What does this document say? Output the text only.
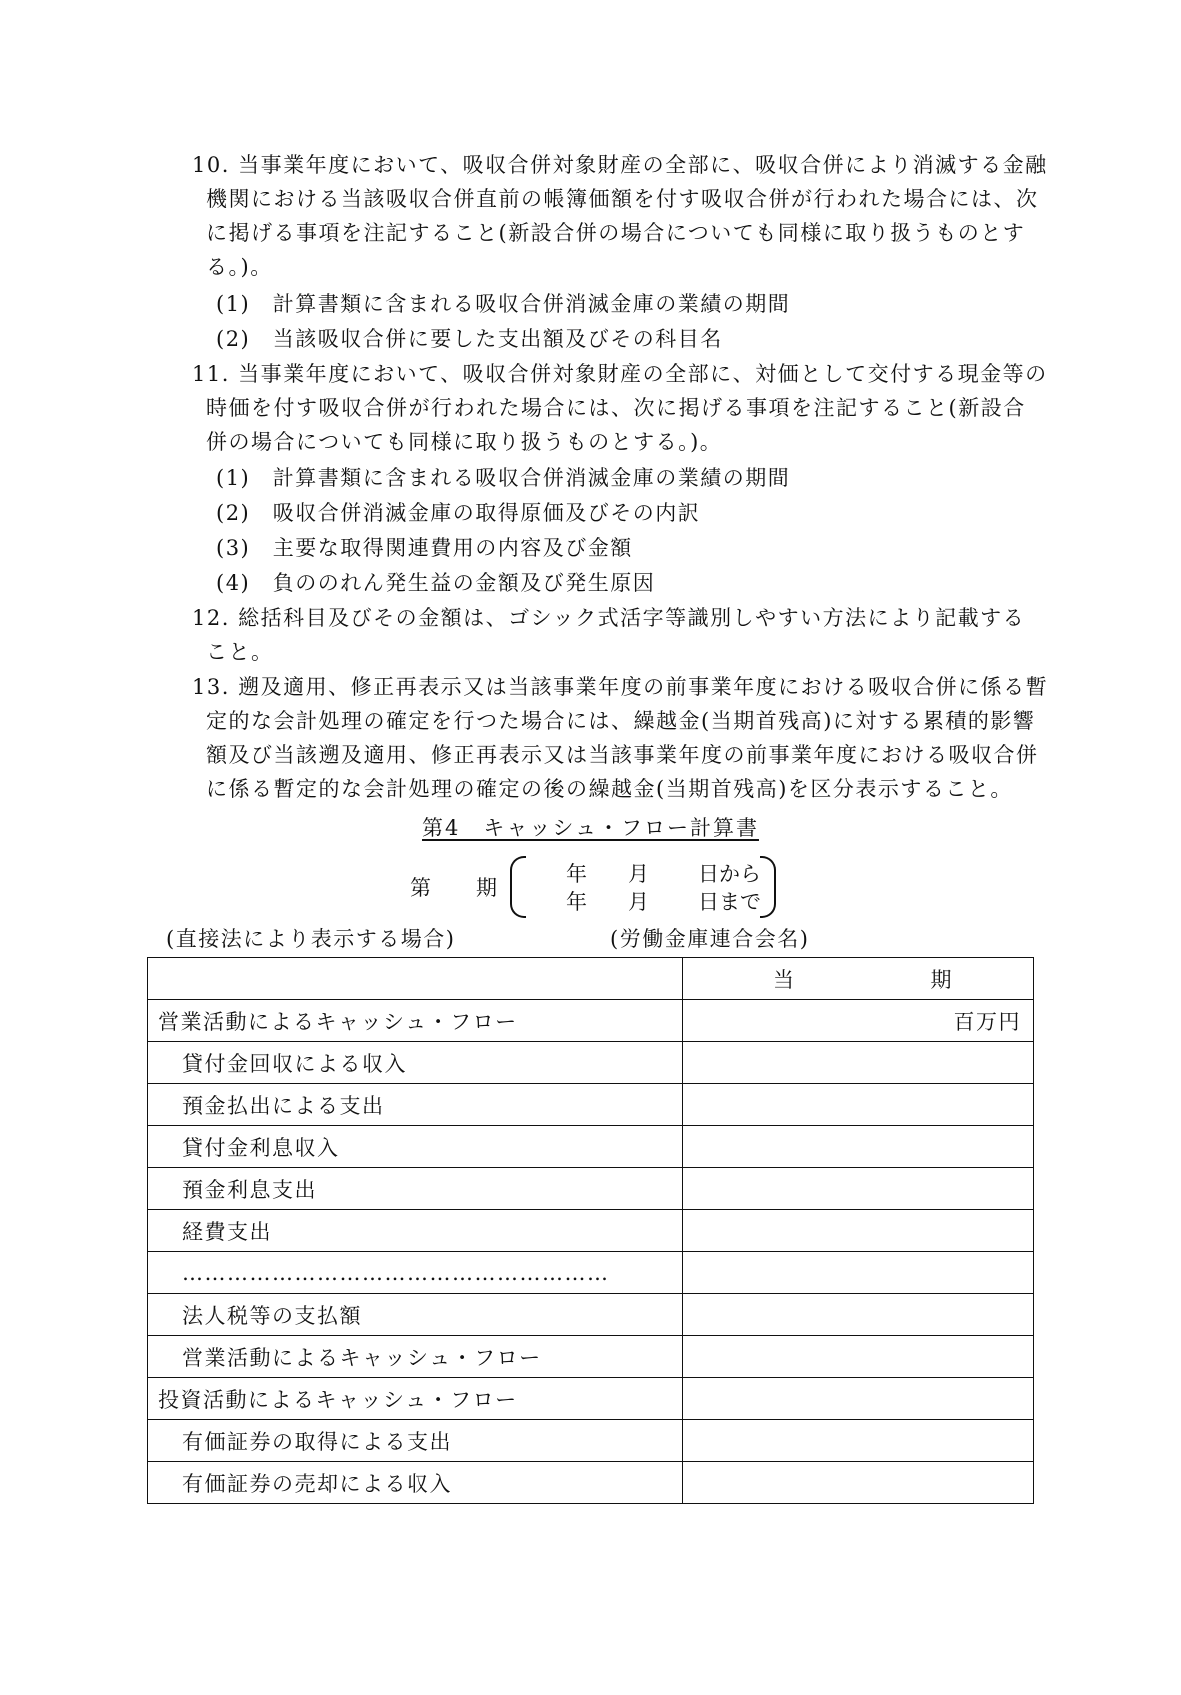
10. 当事業年度において、吸収合併対象財産の全部に、吸収合併により消滅する金融
機関における当該吸収合併直前の帳簿価額を付す吸収合併が行われた場合には、次
に掲げる事項を注記すること(新設合併の場合についても同様に取り扱うものとす
る。)。
(1)　計算書類に含まれる吸収合併消滅金庫の業績の期間
(2)　当該吸収合併に要した支出額及びその科目名
11. 当事業年度において、吸収合併対象財産の全部に、対価として交付する現金等の
時価を付す吸収合併が行われた場合には、次に掲げる事項を注記すること(新設合
併の場合についても同様に取り扱うものとする。)。
(1)　計算書類に含まれる吸収合併消滅金庫の業績の期間
(2)　吸収合併消滅金庫の取得原価及びその内訳
(3)　主要な取得関連費用の内容及び金額
(4)　負ののれん発生益の金額及び発生原因
12. 総括科目及びその金額は、ゴシック式活字等識別しやすい方法により記載する
こと。
13. 遡及適用、修正再表示又は当該事業年度の前事業年度における吸収合併に係る暫
定的な会計処理の確定を行つた場合には、繰越金(当期首残高)に対する累積的影響
額及び当該遡及適用、修正再表示又は当該事業年度の前事業年度における吸収合併
に係る暫定的な会計処理の確定の後の繰越金(当期首残高)を区分表示すること。
第4　キャッシュ・フロー計算書
第 期
年 月 日から
年 月 日まで
(直接法により表示する場合)	(労働金庫連合会名)

	当 期

営業活動によるキャッシュ・フロー	百万円
貸付金回収による収入	
預金払出による支出	
貸付金利息収入	
預金利息支出	
経費支出	
…………………………………………………	
法人税等の支払額	
営業活動によるキャッシュ・フロー	
投資活動によるキャッシュ・フロー	
有価証券の取得による支出	
有価証券の売却による収入	
